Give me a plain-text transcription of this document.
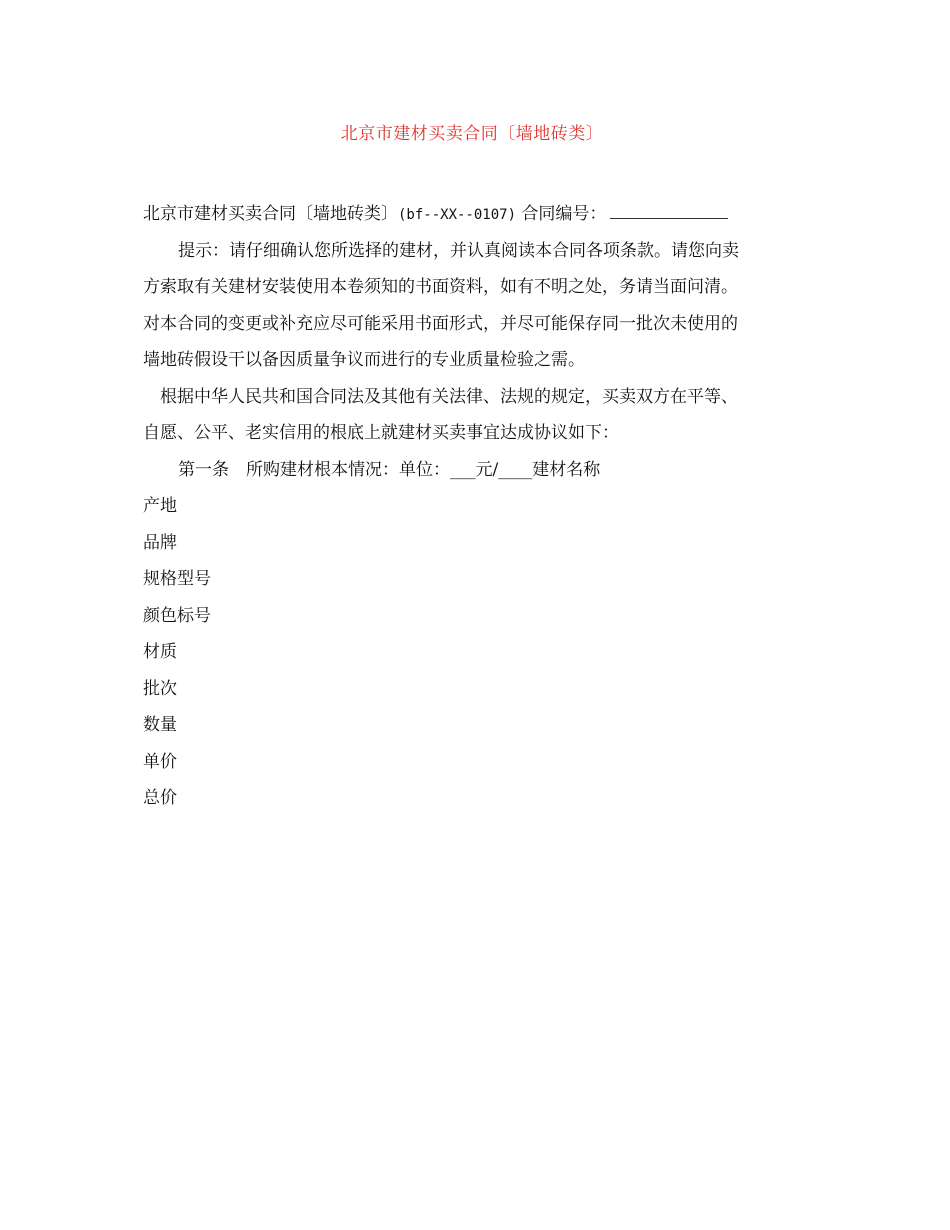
北京市建材买卖合同〔墙地砖类〕
北京市建材买卖合同〔墙地砖类〕(bf--XX--0107) 合同编号：
提示：请仔细确认您所选择的建材，并认真阅读本合同各项条款。请您向卖
方索取有关建材安装使用本卷须知的书面资料，如有不明之处，务请当面问清。
对本合同的变更或补充应尽可能采用书面形式，并尽可能保存同一批次未使用的
墙地砖假设干以备因质量争议而进行的专业质量检验之需。
根据中华人民共和国合同法及其他有关法律、法规的规定，买卖双方在平等、
自愿、公平、老实信用的根底上就建材买卖事宜达成协议如下：
第一条　所购建材根本情况：单位：___元/____建材名称
产地
品牌
规格型号
颜色标号
材质
批次
数量
单价
总价
